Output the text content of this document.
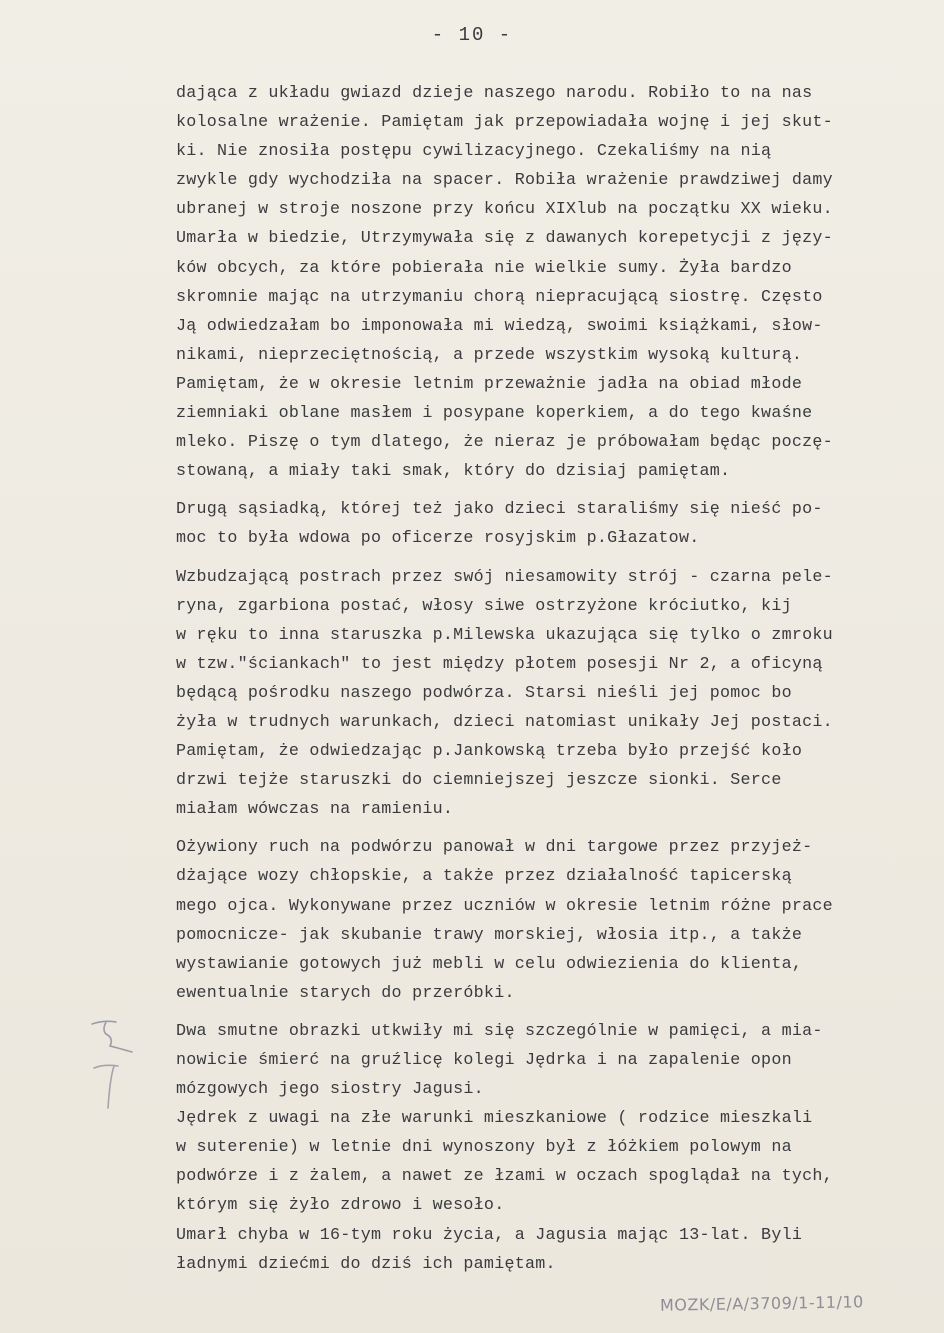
- 10 -
dająca z układu gwiazd dzieje naszego narodu. Robiło to na nas
kolosalne wrażenie. Pamiętam jak przepowiadała wojnę i jej skut-
ki. Nie znosiła postępu cywilizacyjnego. Czekaliśmy na nią
zwykle gdy wychodziła na spacer. Robiła wrażenie prawdziwej damy
ubranej w stroje noszone przy końcu XIXlub na początku XX wieku.
Umarła w biedzie, Utrzymywała się z dawanych korepetycji z języ-
ków obcych, za które pobierała nie wielkie sumy. Żyła bardzo
skromnie mając na utrzymaniu chorą niepracującą siostrę. Często
Ją odwiedzałam bo imponowała mi wiedzą, swoimi książkami, słow-
nikami, nieprzeciętnością, a przede wszystkim wysoką kulturą.
Pamiętam, że w okresie letnim przeważnie jadła na obiad młode
ziemniaki oblane masłem i posypane koperkiem, a do tego kwaśne
mleko. Piszę o tym dlatego, że nieraz je próbowałam będąc poczę-
stowaną, a miały taki smak, który do dzisiaj pamiętam.
Drugą sąsiadką, której też jako dzieci staraliśmy się nieść po-
moc to była wdowa po oficerze rosyjskim p.Głazatow.
Wzbudzającą postrach przez swój niesamowity strój - czarna pele-
ryna, zgarbiona postać, włosy siwe ostrzyżone króciutko, kij
w ręku to inna staruszka p.Milewska ukazująca się tylko o zmroku
w tzw."ściankach" to jest między płotem posesji Nr 2, a oficyną
będącą pośrodku naszego podwórza. Starsi nieśli jej pomoc bo
żyła w trudnych warunkach, dzieci natomiast unikały Jej postaci.
Pamiętam, że odwiedzając p.Jankowską trzeba było przejść koło
drzwi tejże staruszki do ciemniejszej jeszcze sionki. Serce
miałam wówczas na ramieniu.
Ożywiony ruch na podwórzu panował w dni targowe przez przyjeż-
dżające wozy chłopskie, a także przez działalność tapicerską
mego ojca. Wykonywane przez uczniów w okresie letnim różne prace
pomocnicze- jak skubanie trawy morskiej, włosia itp., a także
wystawianie gotowych już mebli w celu odwiezienia do klienta,
ewentualnie starych do przeróbki.
Dwa smutne obrazki utkwiły mi się szczególnie w pamięci, a mia-
nowicie śmierć na gruźlicę kolegi Jędrka i na zapalenie opon
mózgowych jego siostry Jagusi.
Jędrek z uwagi na złe warunki mieszkaniowe ( rodzice mieszkali
w suterenie) w letnie dni wynoszony był z łóżkiem polowym na
podwórze i z żalem, a nawet ze łzami w oczach spoglądał na tych,
którym się żyło zdrowo i wesoło.
Umarł chyba w 16-tym roku życia, a Jagusia mając 13-lat. Byli
ładnymi dziećmi do dziś ich pamiętam.
MOZK/E/A/3709/1-11/10
